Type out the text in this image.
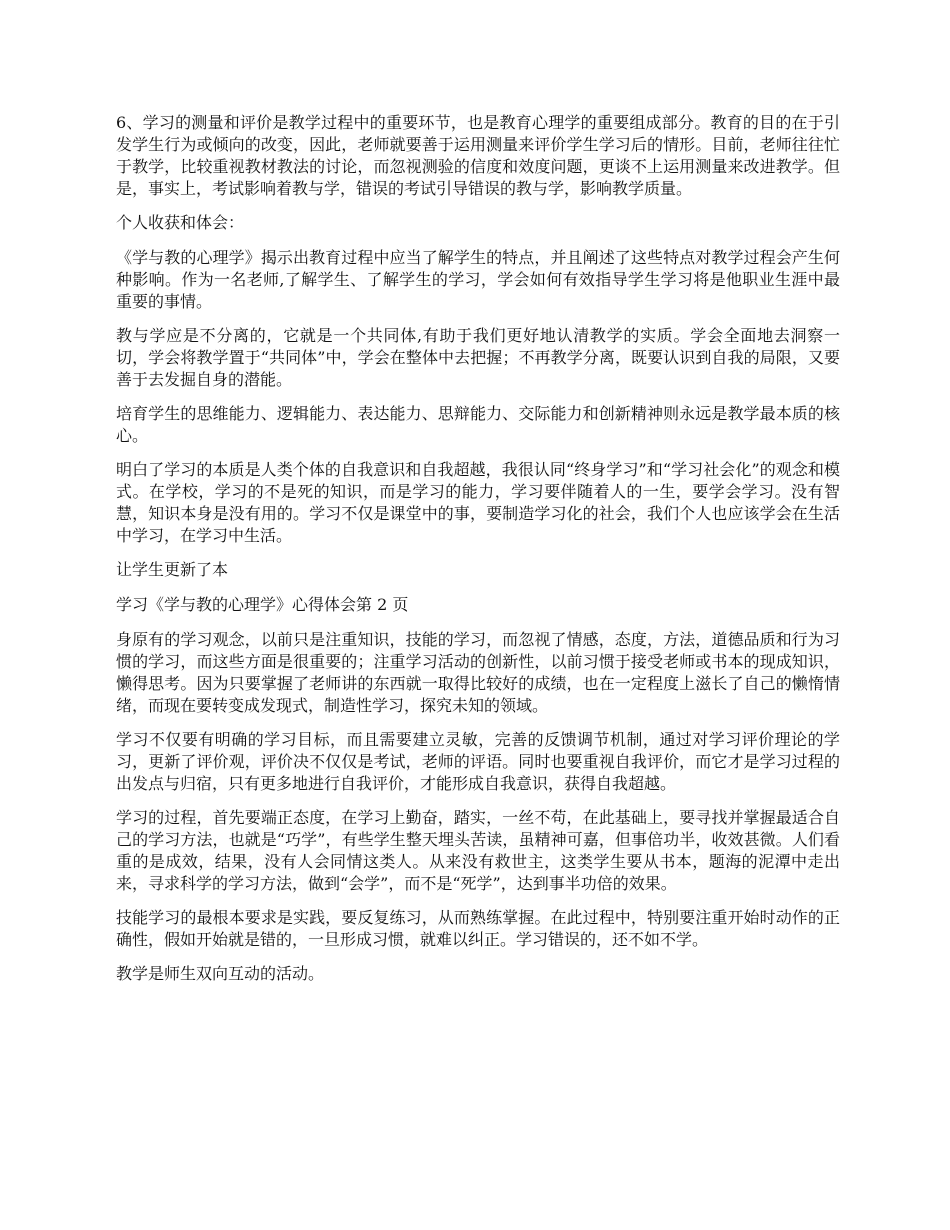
6、学习的测量和评价是教学过程中的重要环节，也是教育心理学的重要组成部分。教育的目的在于引发学生行为或倾向的改变，因此，老师就要善于运用测量来评价学生学习后的情形。目前，老师往往忙于教学，比较重视教材教法的讨论，而忽视测验的信度和效度问题，更谈不上运用测量来改进教学。但是，事实上，考试影响着教与学，错误的考试引导错误的教与学，影响教学质量。

个人收获和体会：

《学与教的心理学》揭示出教育过程中应当了解学生的特点，并且阐述了这些特点对教学过程会产生何种影响。作为一名老师,了解学生、了解学生的学习，学会如何有效指导学生学习将是他职业生涯中最重要的事情。

教与学应是不分离的，它就是一个共同体,有助于我们更好地认清教学的实质。学会全面地去洞察一切，学会将教学置于“共同体”中，学会在整体中去把握；不再教学分离，既要认识到自我的局限，又要善于去发掘自身的潜能。

培育学生的思维能力、逻辑能力、表达能力、思辩能力、交际能力和创新精神则永远是教学最本质的核心。

明白了学习的本质是人类个体的自我意识和自我超越，我很认同“终身学习”和“学习社会化”的观念和模式。在学校，学习的不是死的知识，而是学习的能力，学习要伴随着人的一生，要学会学习。没有智慧，知识本身是没有用的。学习不仅是课堂中的事，要制造学习化的社会，我们个人也应该学会在生活中学习，在学习中生活。

让学生更新了本

学习《学与教的心理学》心得体会第 2 页

身原有的学习观念，以前只是注重知识，技能的学习，而忽视了情感，态度，方法，道德品质和行为习惯的学习，而这些方面是很重要的；注重学习活动的创新性，以前习惯于接受老师或书本的现成知识，懒得思考。因为只要掌握了老师讲的东西就一取得比较好的成绩，也在一定程度上滋长了自己的懒惰情绪，而现在要转变成发现式，制造性学习，探究未知的领域。

学习不仅要有明确的学习目标，而且需要建立灵敏，完善的反馈调节机制，通过对学习评价理论的学习，更新了评价观，评价决不仅仅是考试，老师的评语。同时也要重视自我评价，而它才是学习过程的出发点与归宿，只有更多地进行自我评价，才能形成自我意识，获得自我超越。

学习的过程，首先要端正态度，在学习上勤奋，踏实，一丝不苟，在此基础上，要寻找并掌握最适合自己的学习方法，也就是“巧学”，有些学生整天埋头苦读，虽精神可嘉，但事倍功半，收效甚微。人们看重的是成效，结果，没有人会同情这类人。从来没有救世主，这类学生要从书本，题海的泥潭中走出来，寻求科学的学习方法，做到“会学”，而不是“死学”，达到事半功倍的效果。

技能学习的最根本要求是实践，要反复练习，从而熟练掌握。在此过程中，特别要注重开始时动作的正确性，假如开始就是错的，一旦形成习惯，就难以纠正。学习错误的，还不如不学。

教学是师生双向互动的活动。
